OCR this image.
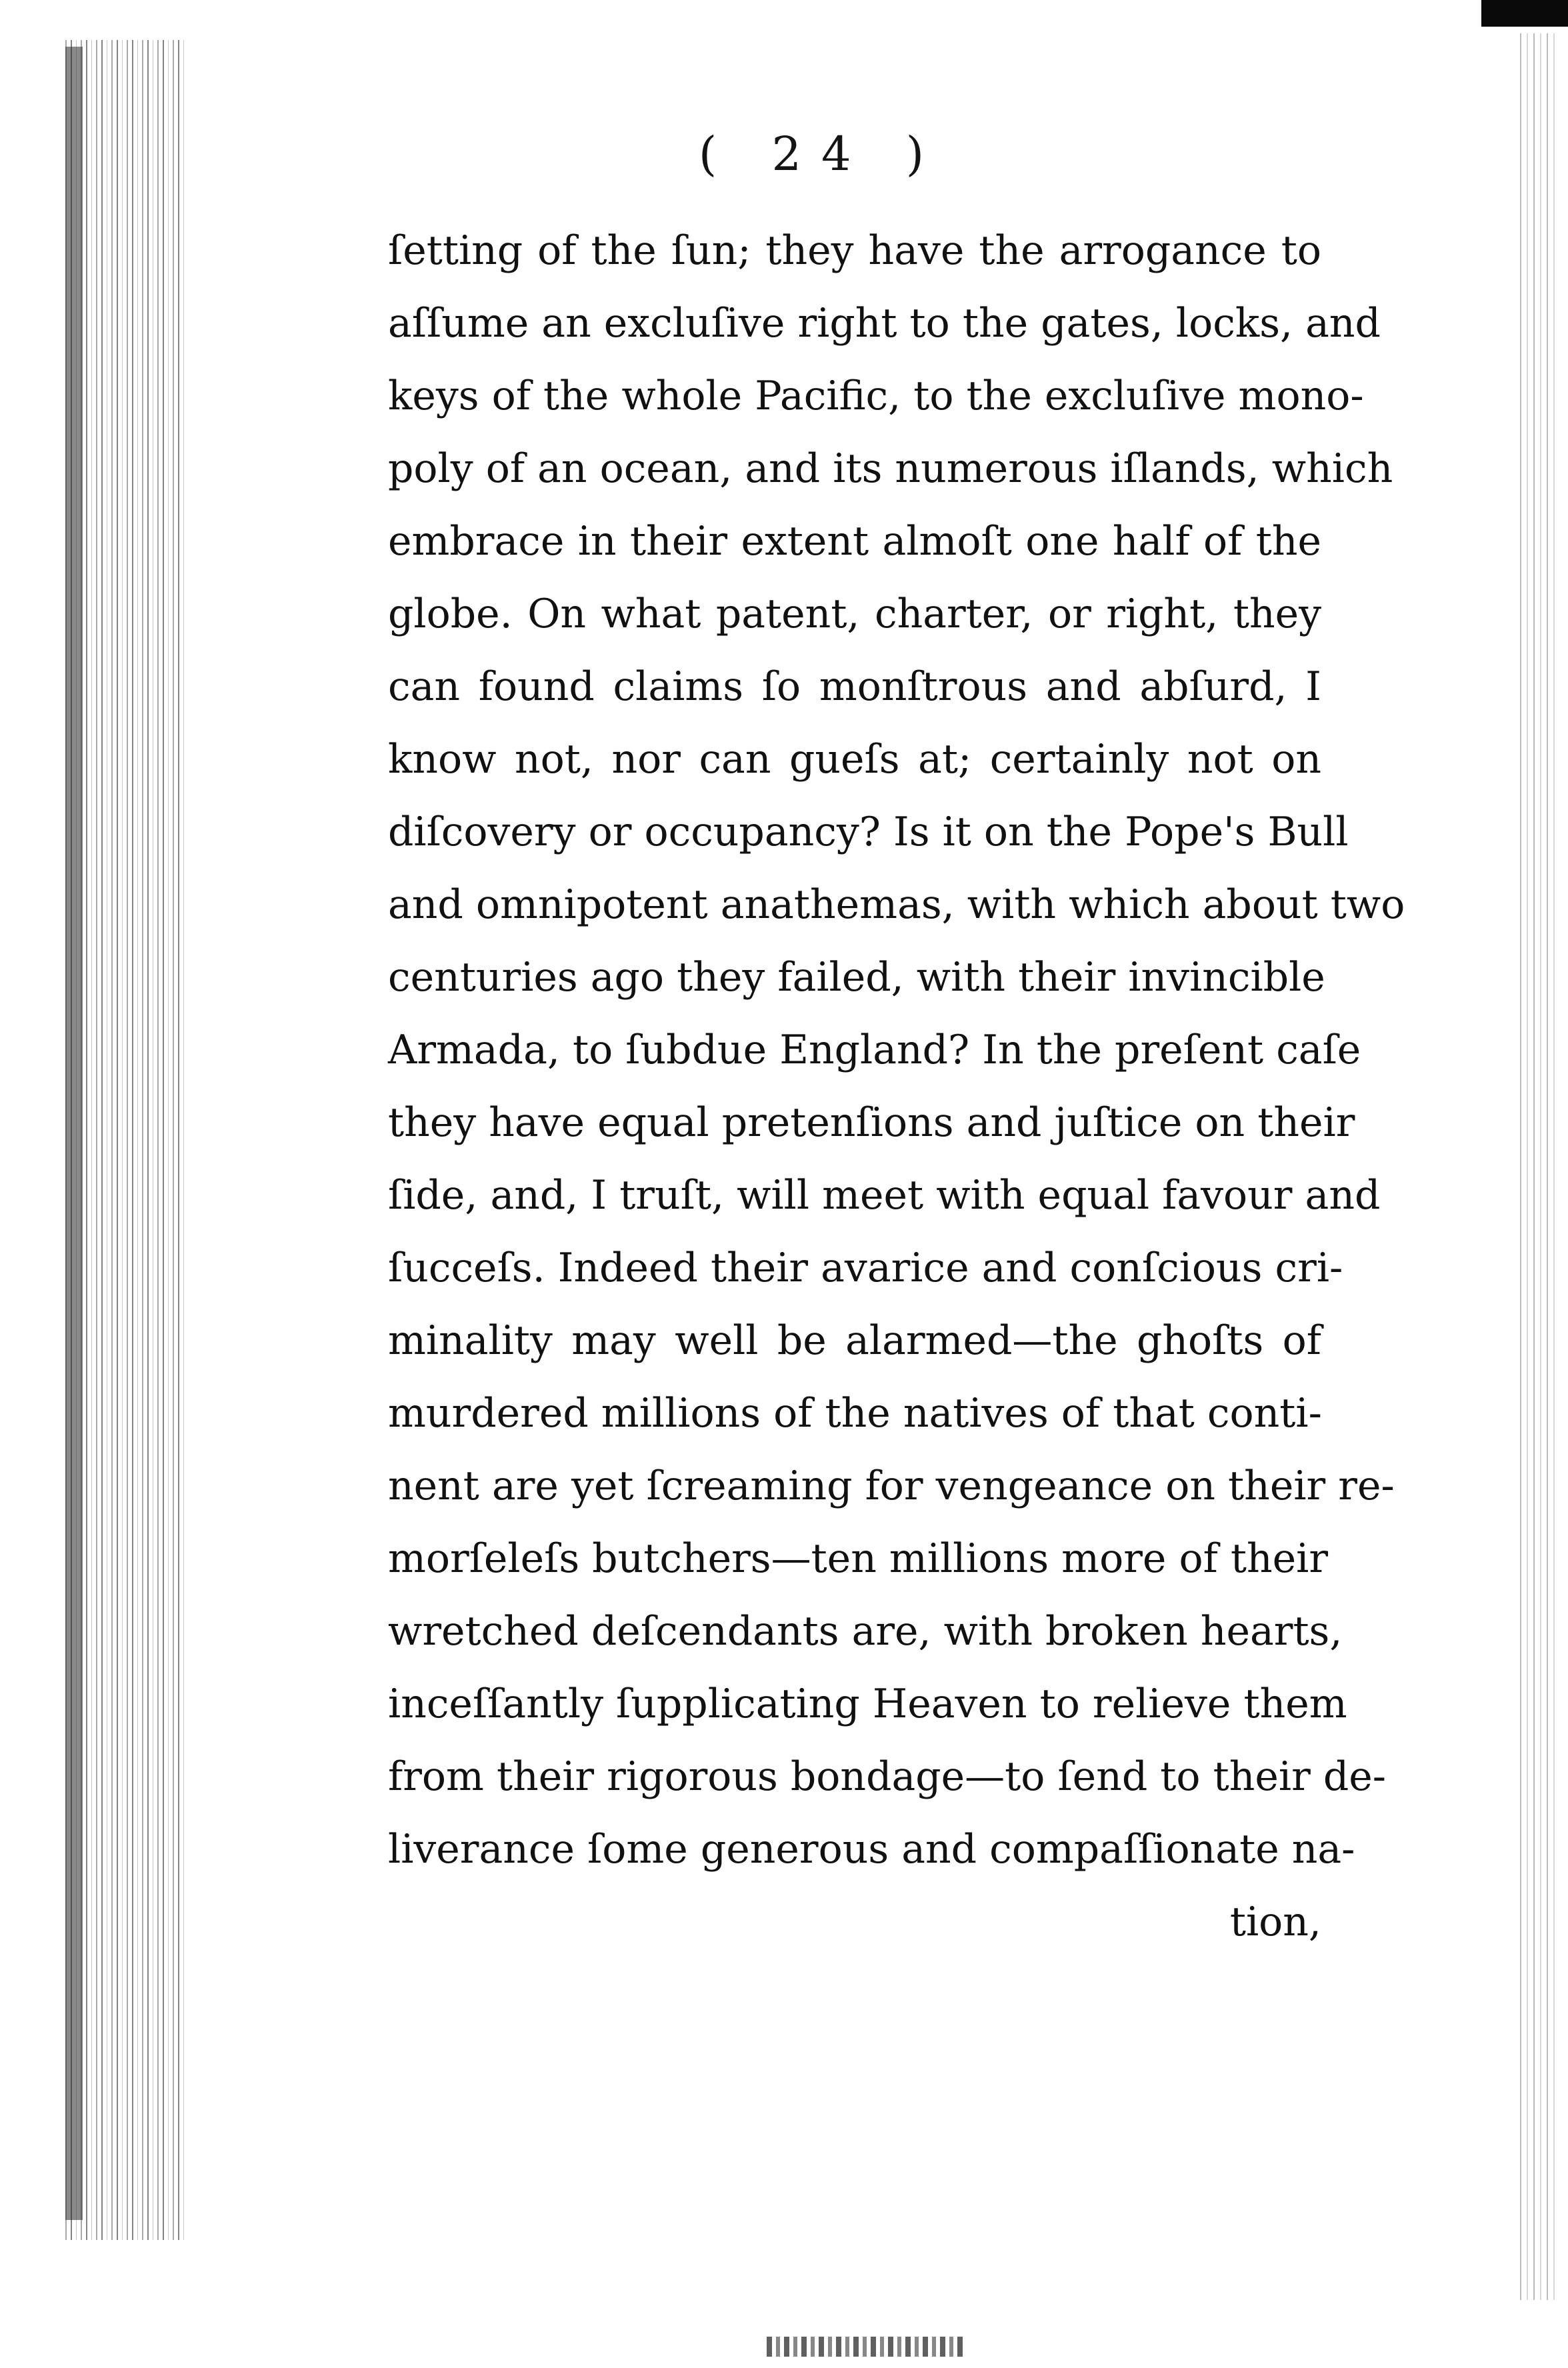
( 24 )
ſetting of the ſun; they have the arrogance to
aſſume an excluſive right to the gates, locks, and
keys of the whole Pacific, to the excluſive mono-
poly of an ocean, and its numerous iſlands, which
embrace in their extent almoſt one half of the
globe. On what patent, charter, or right, they
can found claims ſo monſtrous and abſurd, I
know not, nor can gueſs at; certainly not on
diſcovery or occupancy? Is it on the Pope's Bull
and omnipotent anathemas, with which about two
centuries ago they failed, with their invincible
Armada, to ſubdue England? In the preſent caſe
they have equal pretenſions and juſtice on their
ſide, and, I truſt, will meet with equal favour and
ſucceſs. Indeed their avarice and conſcious cri-
minality may well be alarmed—the ghoſts of
murdered millions of the natives of that conti-
nent are yet ſcreaming for vengeance on their re-
morſeleſs butchers—ten millions more of their
wretched deſcendants are, with broken hearts,
inceſſantly ſupplicating Heaven to relieve them
from their rigorous bondage—to ſend to their de-
liverance ſome generous and compaſſionate na-
tion,
